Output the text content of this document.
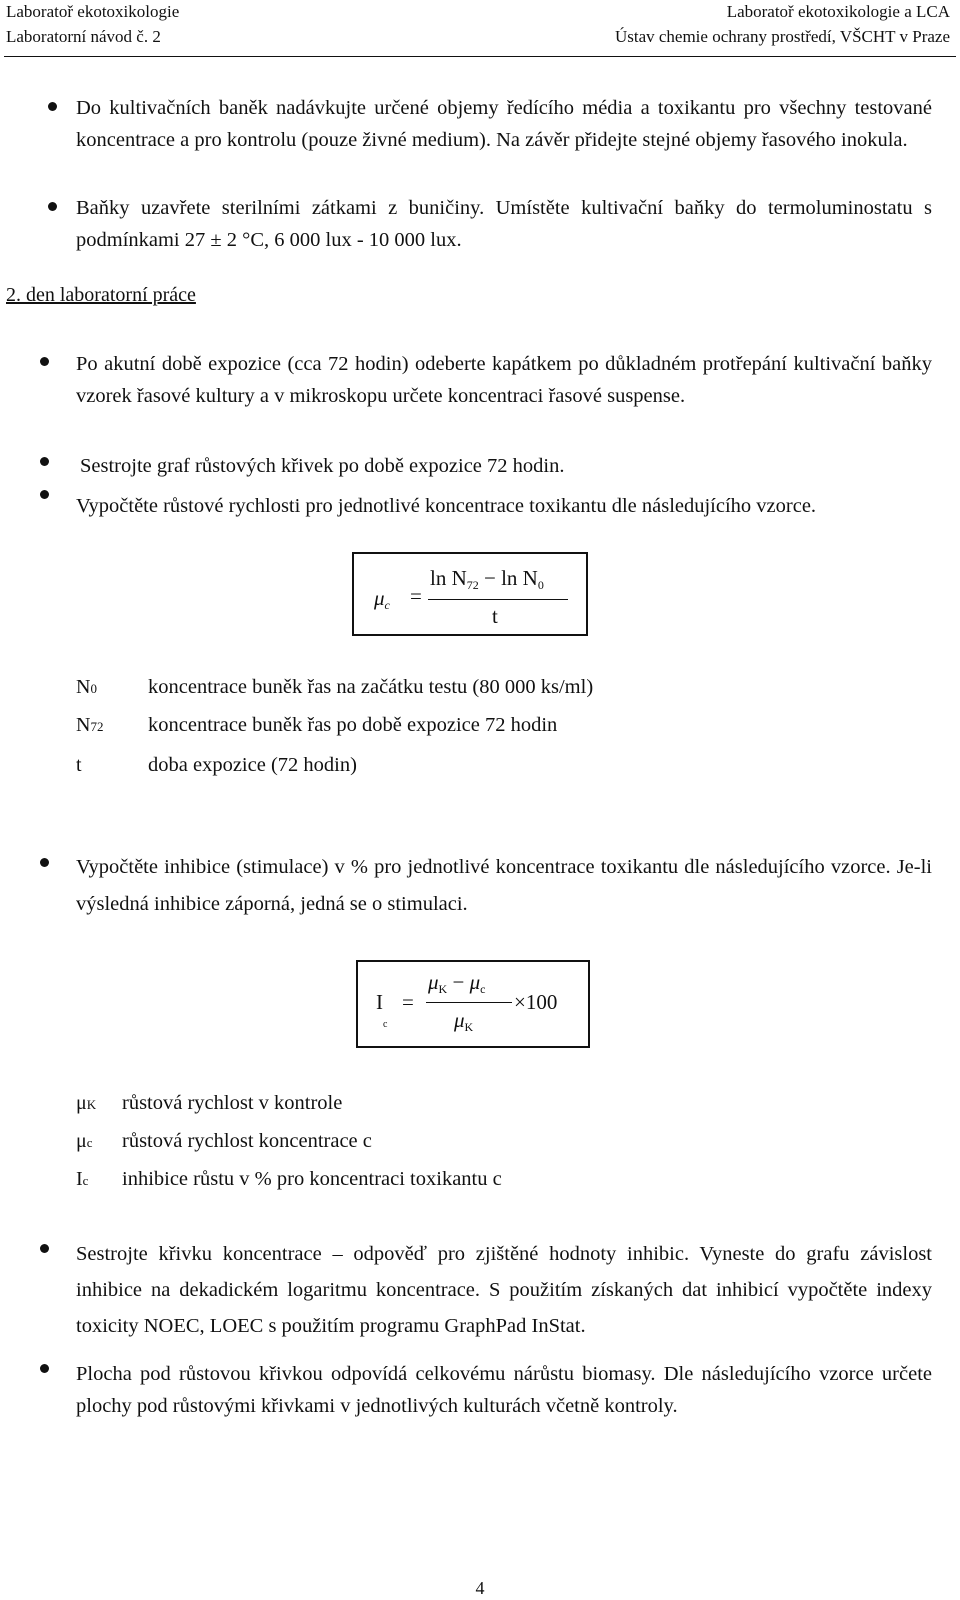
Laboratoř ekotoxikologie
Laboratorní návod č. 2
Laboratoř ekotoxikologie a LCA
Ústav chemie ochrany prostředí, VŠCHT v Praze
Do kultivačních baněk nadávkujte určené objemy ředícího média a toxikantu pro všechny testované koncentrace a pro kontrolu (pouze živné medium). Na závěr přidejte stejné objemy řasového inokula.
Baňky uzavřete sterilními zátkami z buničiny. Umístěte kultivační baňky do termoluminostatu s podmínkami 27 ± 2 °C, 6 000 lux - 10 000 lux.
2. den laboratorní práce
Po akutní době expozice (cca 72 hodin) odeberte kapátkem po důkladném protřepání kultivační baňky vzorek řasové kultury a v mikroskopu určete koncentraci řasové suspense.
Sestrojte graf růstových křivek po době expozice 72 hodin.
Vypočtěte růstové rychlosti pro jednotlivé koncentrace toxikantu dle následujícího vzorce.
μc =
ln N72 − ln N0
t
N0 koncentrace buněk řas na začátku testu (80 000 ks/ml)
N72 koncentrace buněk řas po době expozice 72 hodin
t	doba expozice (72 hodin)
Vypočtěte inhibice (stimulace) v % pro jednotlivé koncentrace toxikantu dle následujícího vzorce. Je-li výsledná inhibice záporná, jedná se o stimulaci.
$I_c$
=
μK − μc
μK
×100
μK růstová rychlost v kontrole
μc růstová rychlost koncentrace c
Ic inhibice růstu v % pro koncentraci toxikantu c
Sestrojte křivku koncentrace – odpověď pro zjištěné hodnoty inhibic. Vyneste do grafu závislost inhibice na dekadickém logaritmu koncentrace. S použitím získaných dat inhibicí vypočtěte indexy toxicity NOEC, LOEC s použitím programu GraphPad InStat.
Plocha pod růstovou křivkou odpovídá celkovému nárůstu biomasy. Dle následujícího vzorce určete plochy pod růstovými křivkami v jednotlivých kulturách včetně kontroly.
4
